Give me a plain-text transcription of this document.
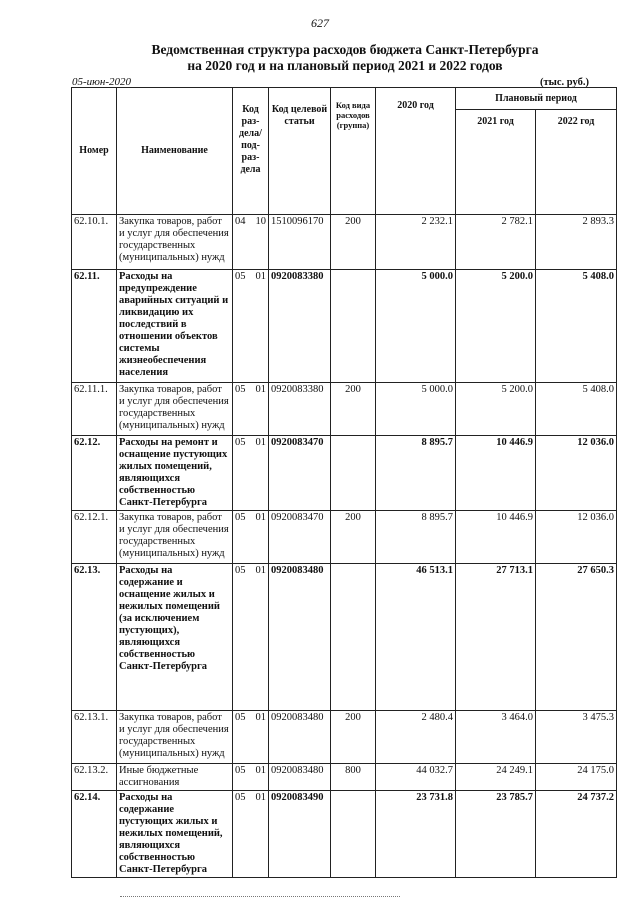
627
Ведомственная структура расходов бюджета Санкт-Петербурга
на 2020 год и на плановый период 2021 и 2022 годов
05-июн-2020	(тыс. руб.)
Номер	Наименование	Код раз-дела/ под-раз-дела	Код целевой статьи	Код вида расходов (группа)	2020 год	Плановый период	
						2021 год	2022 год
62.10.1.	Закупка товаров, работ и услуг для обеспечения государственных (муниципальных) нужд	04 10	1510096170	200	2 232.1	2 782.1	2 893.3
62.11.	Расходы на предупреждение аварийных ситуаций и ликвидацию их последствий в отношении объектов системы жизнеобеспечения населения	05 01	0920083380		5 000.0	5 200.0	5 408.0
62.11.1.	Закупка товаров, работ и услуг для обеспечения государственных (муниципальных) нужд	05 01	0920083380	200	5 000.0	5 200.0	5 408.0
62.12.	Расходы на ремонт и оснащение пустующих жилых помещений, являющихся собственностью Санкт-Петербурга	05 01	0920083470		8 895.7	10 446.9	12 036.0
62.12.1.	Закупка товаров, работ и услуг для обеспечения государственных (муниципальных) нужд	05 01	0920083470	200	8 895.7	10 446.9	12 036.0
62.13.	Расходы на содержание и оснащение жилых и нежилых помещений (за исключением пустующих), являющихся собственностью Санкт-Петербурга	05 01	0920083480		46 513.1	27 713.1	27 650.3
62.13.1.	Закупка товаров, работ и услуг для обеспечения государственных (муниципальных) нужд	05 01	0920083480	200	2 480.4	3 464.0	3 475.3
62.13.2.	Иные бюджетные ассигнования	05 01	0920083480	800	44 032.7	24 249.1	24 175.0
62.14.	Расходы на содержание пустующих жилых и нежилых помещений, являющихся собственностью Санкт-Петербурга	05 01	0920083490		23 731.8	23 785.7	24 737.2
